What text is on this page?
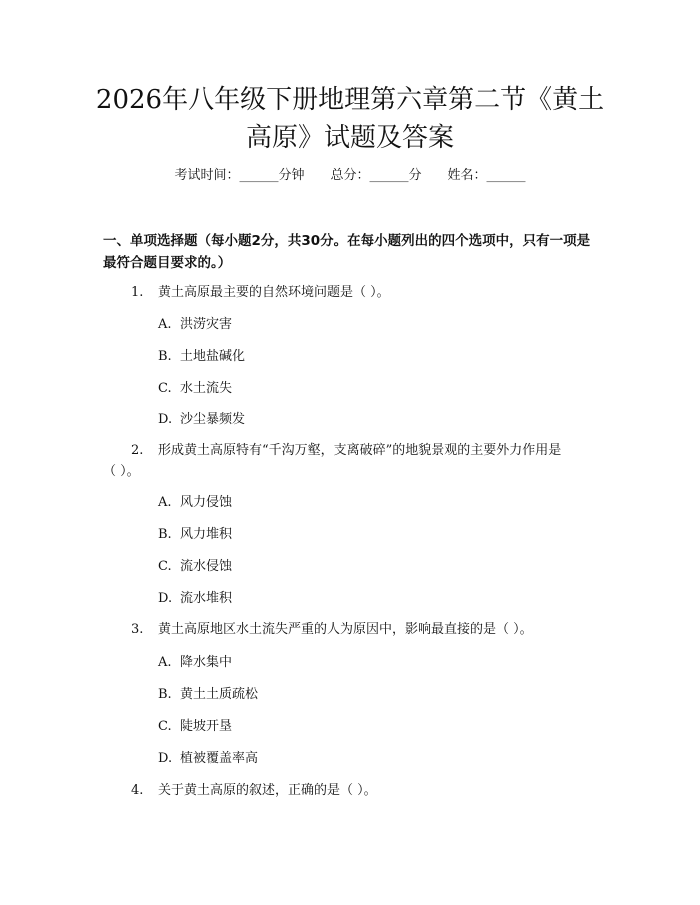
2026年八年级下册地理第六章第二节《黄土
高原》试题及答案
考试时间：______分钟 总分：______分 姓名：______
一、单项选择题（每小题2分，共30分。在每小题列出的四个选项中，只有一项是最符合题目要求的。）
1. 黄土高原最主要的自然环境问题是（ ）。
A. 洪涝灾害
B. 土地盐碱化
C. 水土流失
D. 沙尘暴频发
2. 形成黄土高原特有“千沟万壑，支离破碎”的地貌景观的主要外力作用是
（ ）。
A. 风力侵蚀
B. 风力堆积
C. 流水侵蚀
D. 流水堆积
3. 黄土高原地区水土流失严重的人为原因中，影响最直接的是（ ）。
A. 降水集中
B. 黄土土质疏松
C. 陡坡开垦
D. 植被覆盖率高
4. 关于黄土高原的叙述，正确的是（ ）。
